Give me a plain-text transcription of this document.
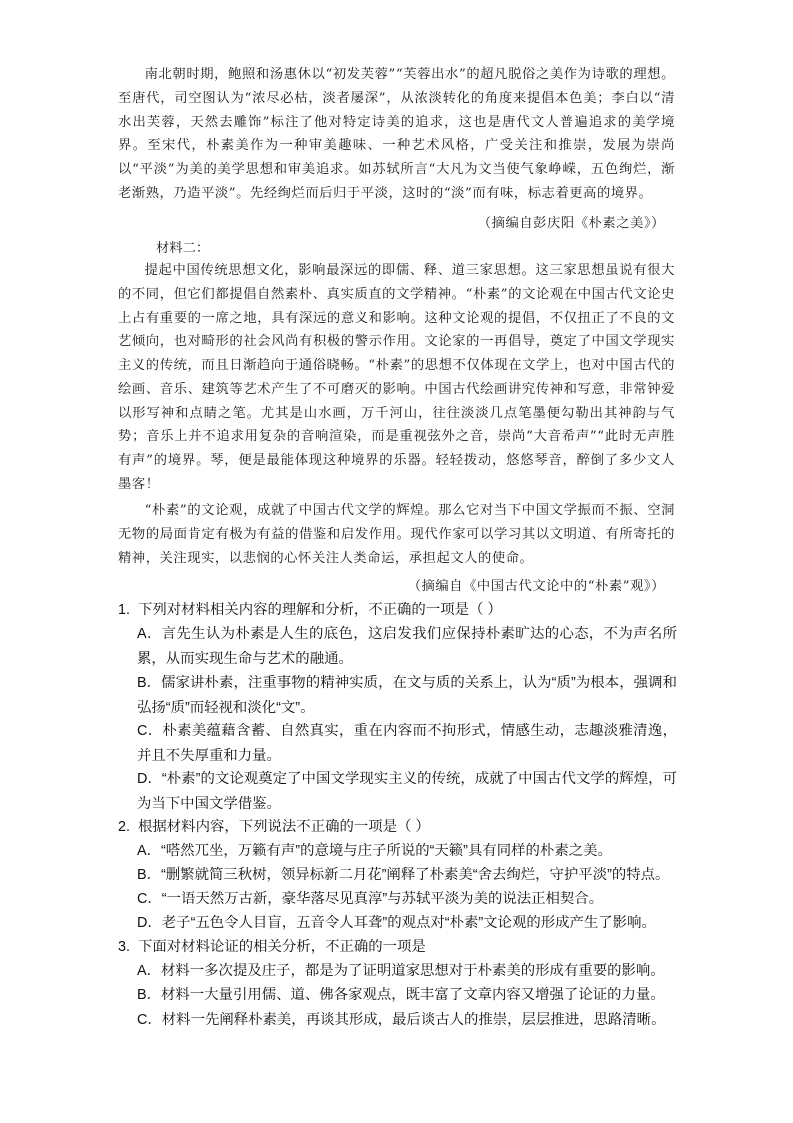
南北朝时期，鲍照和汤惠休以“初发芙蓉”“芙蓉出水”的超凡脱俗之美作为诗歌的理想。至唐代，司空图认为“浓尽必枯，淡者屡深”，从浓淡转化的角度来提倡本色美；李白以“清水出芙蓉，天然去雕饰”标注了他对特定诗美的追求，这也是唐代文人普遍追求的美学境界。至宋代，朴素美作为一种审美趣味、一种艺术风格，广受关注和推崇，发展为崇尚以“平淡”为美的美学思想和审美追求。如苏轼所言“大凡为文当使气象峥嵘，五色绚烂，渐老渐熟，乃造平淡”。先经绚烂而后归于平淡，这时的“淡”而有味，标志着更高的境界。

（摘编自彭庆阳《朴素之美》）
材料二：

提起中国传统思想文化，影响最深远的即儒、释、道三家思想。这三家思想虽说有很大的不同，但它们都提倡自然素朴、真实质直的文学精神。“朴素”的文论观在中国古代文论史上占有重要的一席之地，具有深远的意义和影响。这种文论观的提倡，不仅扭正了不良的文艺倾向，也对畸形的社会风尚有积极的警示作用。文论家的一再倡导，奠定了中国文学现实主义的传统，而且日渐趋向于通俗晓畅。“朴素”的思想不仅体现在文学上，也对中国古代的绘画、音乐、建筑等艺术产生了不可磨灭的影响。中国古代绘画讲究传神和写意，非常钟爱以形写神和点睛之笔。尤其是山水画，万千河山，往往淡淡几点笔墨便勾勒出其神韵与气势；音乐上并不追求用复杂的音响渲染，而是重视弦外之音，崇尚“大音希声”“此时无声胜有声”的境界。琴，便是最能体现这种境界的乐器。轻轻拨动，悠悠琴音，醉倒了多少文人墨客！

“朴素”的文论观，成就了中国古代文学的辉煌。那么它对当下中国文学振而不振、空洞无物的局面肯定有极为有益的借鉴和启发作用。现代作家可以学习其以文明道、有所寄托的精神，关注现实，以悲悯的心怀关注人类命运，承担起文人的使命。

（摘编自《中国古代文论中的“朴素”观》）
1. 下列对材料相关内容的理解和分析，不正确的一项是（ ）

A．言先生认为朴素是人生的底色，这启发我们应保持朴素旷达的心态，不为声名所累，从而实现生命与艺术的融通。

B．儒家讲朴素，注重事物的精神实质，在文与质的关系上，认为“质”为根本，强调和弘扬“质”而轻视和淡化“文”。

C．朴素美蕴藉含蓄、自然真实，重在内容而不拘形式，情感生动，志趣淡雅清逸，并且不失厚重和力量。

D．“朴素”的文论观奠定了中国文学现实主义的传统，成就了中国古代文学的辉煌，可为当下中国文学借鉴。

2. 根据材料内容，下列说法不正确的一项是（ ）

A．“嗒然兀坐，万籁有声”的意境与庄子所说的“天籁”具有同样的朴素之美。

B．“删繁就简三秋树，领异标新二月花”阐释了朴素美“舍去绚烂，守护平淡”的特点。

C．“一语天然万古新，豪华落尽见真淳”与苏轼平淡为美的说法正相契合。

D．老子“五色令人目盲，五音令人耳聋”的观点对“朴素”文论观的形成产生了影响。

3. 下面对材料论证的相关分析，不正确的一项是

A．材料一多次提及庄子，都是为了证明道家思想对于朴素美的形成有重要的影响。

B．材料一大量引用儒、道、佛各家观点，既丰富了文章内容又增强了论证的力量。

C．材料一先阐释朴素美，再谈其形成，最后谈古人的推崇，层层推进，思路清晰。
